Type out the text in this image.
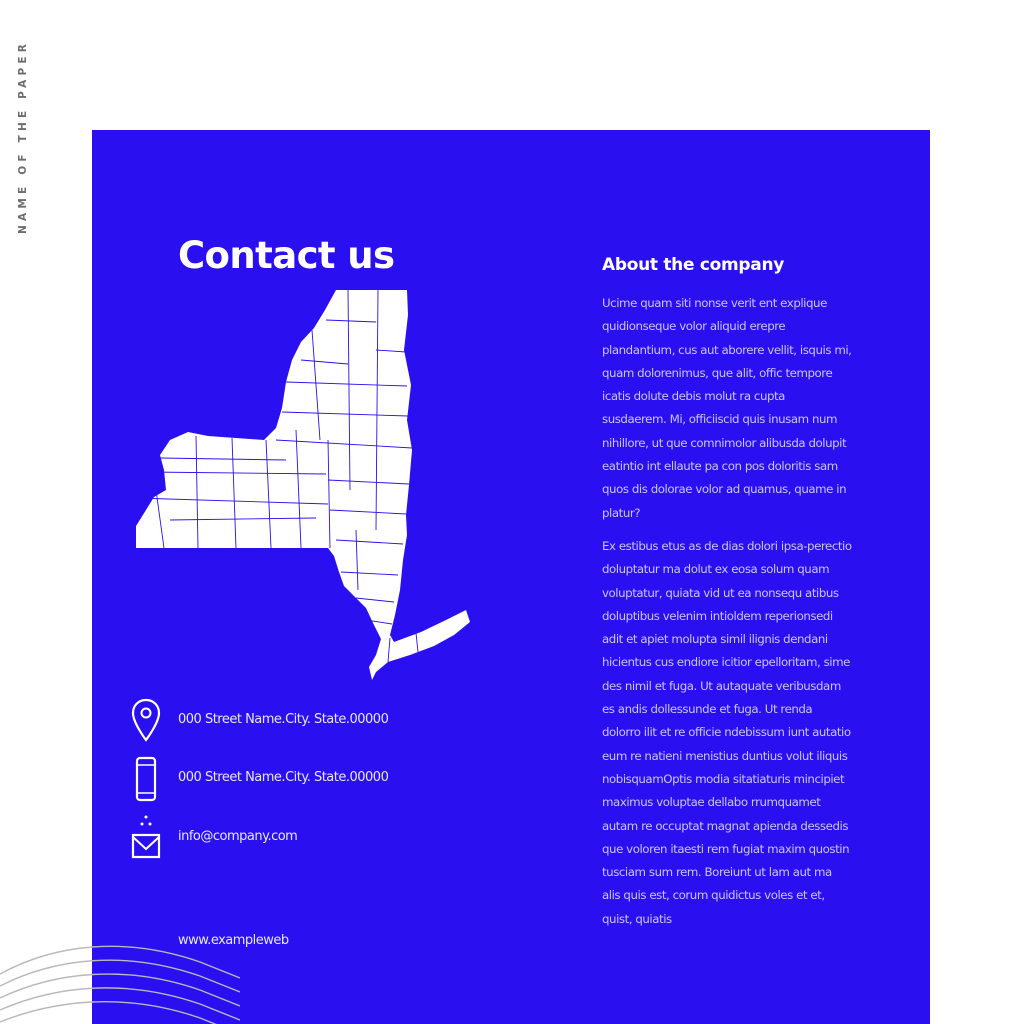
NAME OF THE PAPER
Contact us
000 Street Name.City. State.00000
000 Street Name.City. State.00000
info@company.com
www.exampleweb
About the company

Ucime quam siti nonse verit ent explique quidionseque volor aliquid erepre plandantium, cus aut aborere vellit, isquis mi, quam dolorenimus, que alit, offic tempore icatis dolute debis molut ra cupta susdaerem. Mi, officiiscid quis inusam num nihillore, ut que comnimolor alibusda dolupit eatintio int ellaute pa con pos doloritis sam quos dis dolorae volor ad quamus, quame in platur?

Ex estibus etus as de dias dolori ipsa-perectio doluptatur ma dolut ex eosa solum quam voluptatur, quiata vid ut ea nonsequ atibus doluptibus velenim intioldem reperionsedi adit et apiet molupta simil ilignis dendani hicientus cus endiore icitior epelloritam, sime des nimil et fuga. Ut autaquate veribusdam es andis dollessunde et fuga. Ut renda dolorro ilit et re officie ndebissum iunt autatio eum re natieni menistius duntius volut iliquis nobisquamOptis modia sitatiaturis mincipiet maximus voluptae dellabo rrumquamet autam re occuptat magnat apienda dessedis que voloren itaesti rem fugiat maxim quostin tusciam sum rem. Boreiunt ut lam aut ma alis quis est, corum quidictus voles et et, quist, quiatis
